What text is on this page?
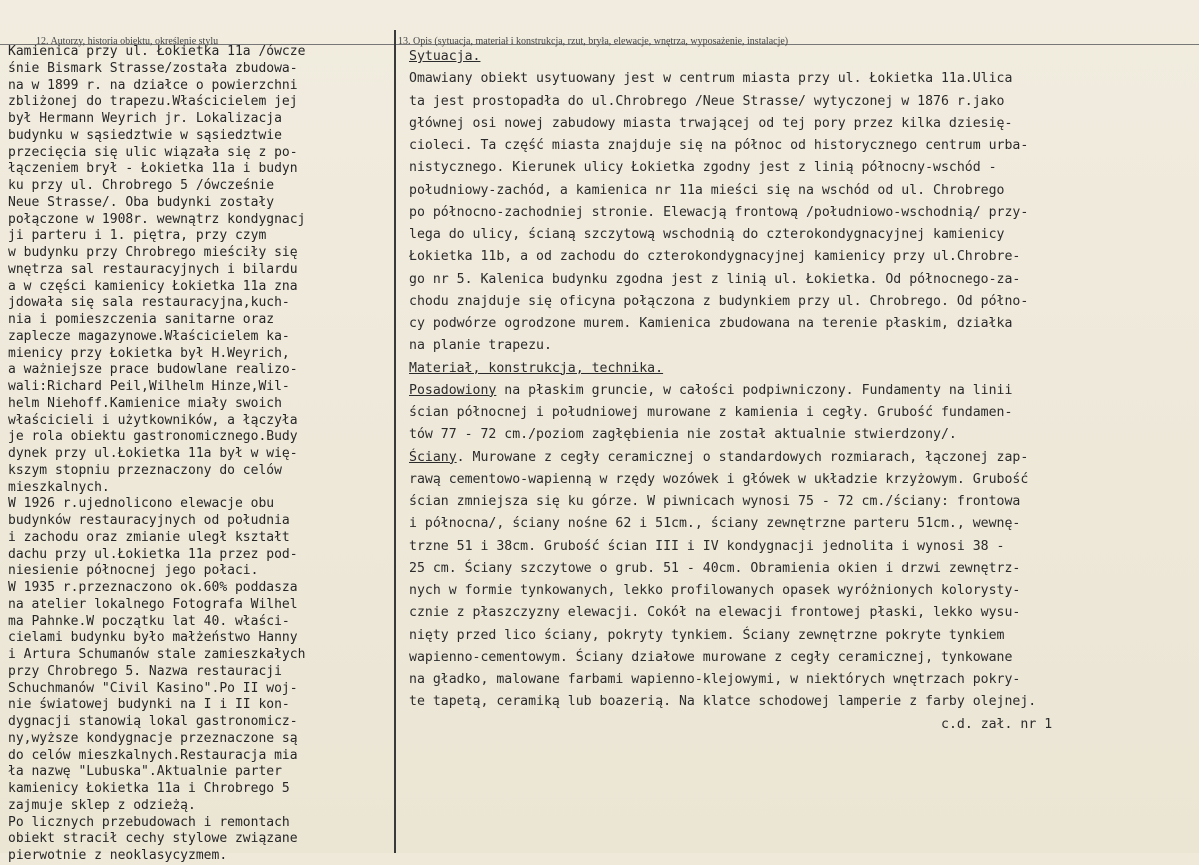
12. Autorzy, historia obiektu, określenie stylu	13. Opis (sytuacja, materiał i konstrukcja, rzut, bryła, elewacje, wnętrza, wyposażenie, instalacje)
Kamienica przy ul. Łokietka 11a /ówcze
śnie Bismark Strasse/została zbudowa-
na w 1899 r. na działce o powierzchni
zbliżonej do trapezu.Właścicielem jej
był Hermann Weyrich jr. Lokalizacja
budynku w sąsiedztwie w sąsiedztwie
przecięcia się ulic wiązała się z po-
łączeniem brył - Łokietka 11a i budyn
ku przy ul. Chrobrego 5 /ówcześnie
Neue Strasse/. Oba budynki zostały
połączone w 1908r. wewnątrz kondygnacj
ji parteru i 1. piętra, przy czym
w budynku przy Chrobrego mieściły się
wnętrza sal restauracyjnych i bilardu
a w części kamienicy Łokietka 11a zna
jdowała się sala restauracyjna,kuch-
nia i pomieszczenia sanitarne oraz
zaplecze magazynowe.Właścicielem ka-
mienicy przy Łokietka był H.Weyrich,
a ważniejsze prace budowlane realizo-
wali:Richard Peil,Wilhelm Hinze,Wil-
helm Niehoff.Kamienice miały swoich
właścicieli i użytkowników, a łączyła
je rola obiektu gastronomicznego.Budy
dynek przy ul.Łokietka 11a był w wię-
kszym stopniu przeznaczony do celów
mieszkalnych.
W 1926 r.ujednolicono elewacje obu
budynków restauracyjnych od południa
i zachodu oraz zmianie uległ kształt
dachu przy ul.Łokietka 11a przez pod-
niesienie północnej jego połaci.
W 1935 r.przeznaczono ok.60% poddasza
na atelier lokalnego Fotografa Wilhel
ma Pahnke.W początku lat 40. właści-
cielami budynku było małżeństwo Hanny
i Artura Schumanów stale zamieszkałych
przy Chrobrego 5. Nazwa restauracji
Schuchmanów "Civil Kasino".Po II woj-
nie światowej budynki na I i II kon-
dygnacji stanowią lokal gastronomicz-
ny,wyższe kondygnacje przeznaczone są
do celów mieszkalnych.Restauracja mia
ła nazwę "Lubuska".Aktualnie parter
kamienicy Łokietka 11a i Chrobrego 5
zajmuje sklep z odzieżą.
Po licznych przebudowach i remontach
obiekt stracił cechy stylowe związane
pierwotnie z neoklasycyzmem.
Sytuacja.
Omawiany obiekt usytuowany jest w centrum miasta przy ul. Łokietka 11a.Ulica
ta jest prostopadła do ul.Chrobrego /Neue Strasse/ wytyczonej w 1876 r.jako
głównej osi nowej zabudowy miasta trwającej od tej pory przez kilka dziesię-
cioleci. Ta część miasta znajduje się na północ od historycznego centrum urba-
nistycznego. Kierunek ulicy Łokietka zgodny jest z linią północny-wschód -
południowy-zachód, a kamienica nr 11a mieści się na wschód od ul. Chrobrego
po północno-zachodniej stronie. Elewacją frontową /południowo-wschodnią/ przy-
lega do ulicy, ścianą szczytową wschodnią do czterokondygnacyjnej kamienicy
Łokietka 11b, a od zachodu do czterokondygnacyjnej kamienicy przy ul.Chrobre-
go nr 5. Kalenica budynku zgodna jest z linią ul. Łokietka. Od północnego-za-
chodu znajduje się oficyna połączona z budynkiem przy ul. Chrobrego. Od półno-
cy podwórze ogrodzone murem. Kamienica zbudowana na terenie płaskim, działka
na planie trapezu.
Materiał, konstrukcja, technika.
Posadowiony na płaskim gruncie, w całości podpiwniczony. Fundamenty na linii
ścian północnej i południowej murowane z kamienia i cegły. Grubość fundamen-
tów 77 - 72 cm./poziom zagłębienia nie został aktualnie stwierdzony/.
Ściany. Murowane z cegły ceramicznej o standardowych rozmiarach, łączonej zap-
rawą cementowo-wapienną w rzędy wozówek i główek w układzie krzyżowym. Grubość
ścian zmniejsza się ku górze. W piwnicach wynosi 75 - 72 cm./ściany: frontowa
i północna/, ściany nośne 62 i 51cm., ściany zewnętrzne parteru 51cm., wewnę-
trzne 51 i 38cm. Grubość ścian III i IV kondygnacji jednolita i wynosi 38 -
25 cm. Ściany szczytowe o grub. 51 - 40cm. Obramienia okien i drzwi zewnętrz-
nych w formie tynkowanych, lekko profilowanych opasek wyróżnionych kolorysty-
cznie z płaszczyzny elewacji. Cokół na elewacji frontowej płaski, lekko wysu-
nięty przed lico ściany, pokryty tynkiem. Ściany zewnętrzne pokryte tynkiem
wapienno-cementowym. Ściany działowe murowane z cegły ceramicznej, tynkowane
na gładko, malowane farbami wapienno-klejowymi, w niektórych wnętrzach pokry-
te tapetą, ceramiką lub boazerią. Na klatce schodowej lamperie z farby olejnej.
c.d. zał. nr 1
